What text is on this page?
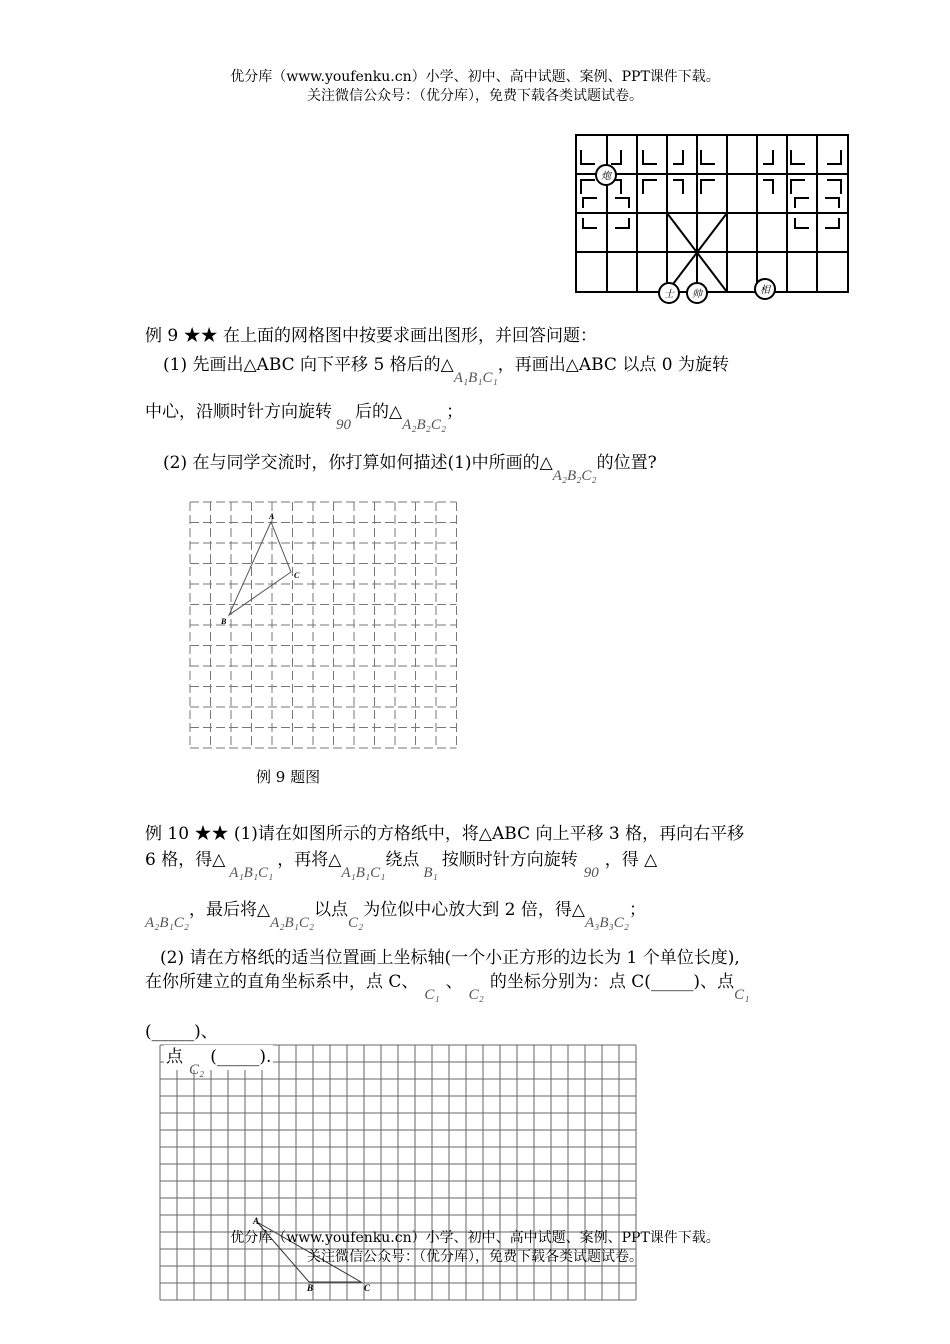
优分库（www.youfenku.cn）小学、初中、高中试题、案例、PPT课件下载。
关注微信公众号：（优分库），免费下载各类试题试卷。
炮
士 帅	相
例 9 ★★ 在上面的网格图中按要求画出图形，并回答问题：
(1) 先画出△ABC 向下平移 5 格后的△A₁B₁C₁，再画出△ABC 以点 0 为旋转
中心，沿顺时针方向旋转90后的△A₂B₂C₂；
(2) 在与同学交流时，你打算如何描述(1)中所画的△A₂B₂C₂的位置?
A
B
C
例 9 题图
例 10 ★★ (1)请在如图所示的方格纸中，将△ABC 向上平移 3 格，再向右平移
6 格，得△A₁B₁C₁，再将△A₁B₁C₁绕点B₁按顺时针方向旋转90，得 △
A₂B₁C₂，最后将△A₂B₁C₂以点C₂为位似中心放大到 2 倍，得△A₃B₃C₂；
(2) 请在方格纸的适当位置画上坐标轴(一个小正方形的边长为 1 个单位长度),
在你所建立的直角坐标系中，点 C、C₁、C₂的坐标分别为：点 C(_____)、点C₁
(_____)、
A
B	C
点C₂(_____).
优分库（www.youfenku.cn）小学、初中、高中试题、案例、PPT课件下载。
关注微信公众号：（优分库），免费下载各类试题试卷。
